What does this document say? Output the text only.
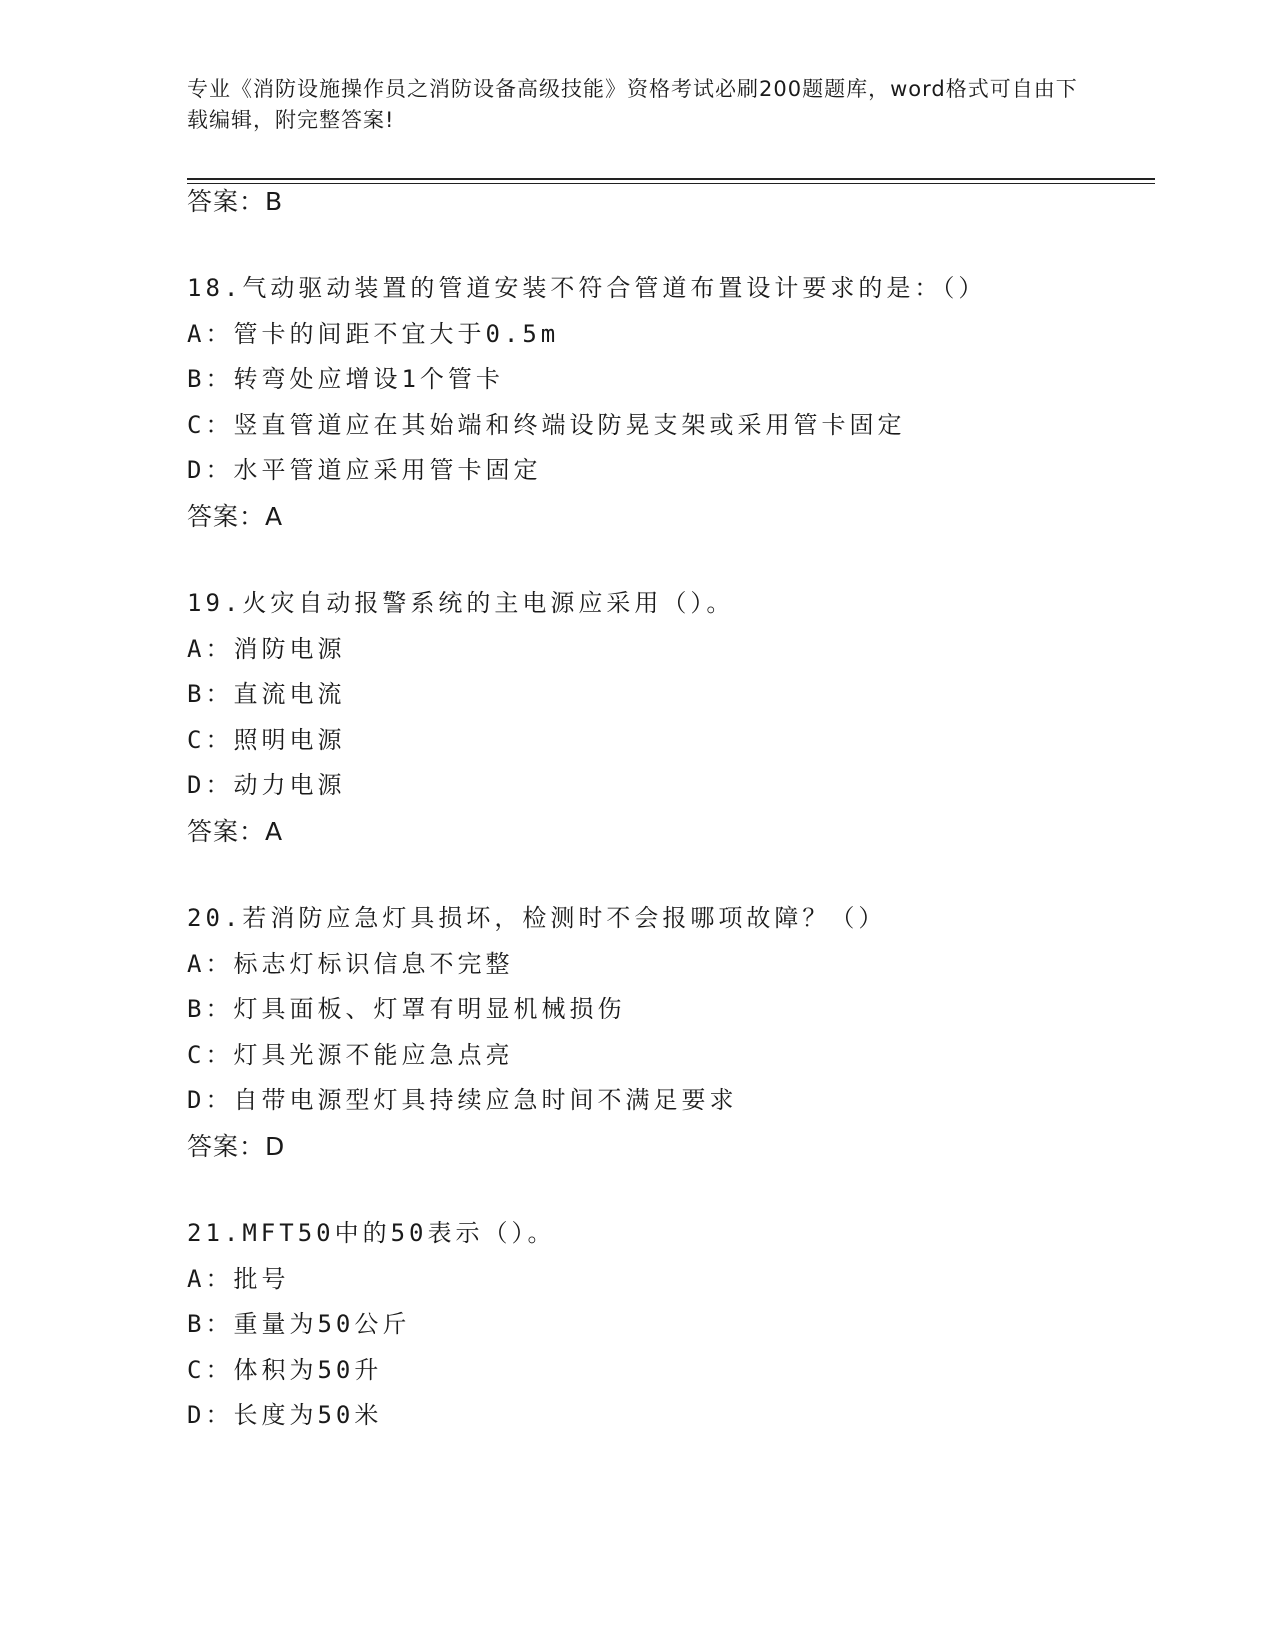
专业《消防设施操作员之消防设备高级技能》资格考试必刷200题题库，word格式可自由下载编辑，附完整答案!
答案：B
18.气动驱动装置的管道安装不符合管道布置设计要求的是：（）
A：管卡的间距不宜大于0.5m
B：转弯处应增设1个管卡
C：竖直管道应在其始端和终端设防晃支架或采用管卡固定
D：水平管道应采用管卡固定
答案：A
19.火灾自动报警系统的主电源应采用（）。
A：消防电源
B：直流电流
C：照明电源
D：动力电源
答案：A
20.若消防应急灯具损坏，检测时不会报哪项故障？（）
A：标志灯标识信息不完整
B：灯具面板、灯罩有明显机械损伤
C：灯具光源不能应急点亮
D：自带电源型灯具持续应急时间不满足要求
答案：D
21.MFT50中的50表示（）。
A：批号
B：重量为50公斤
C：体积为50升
D：长度为50米
